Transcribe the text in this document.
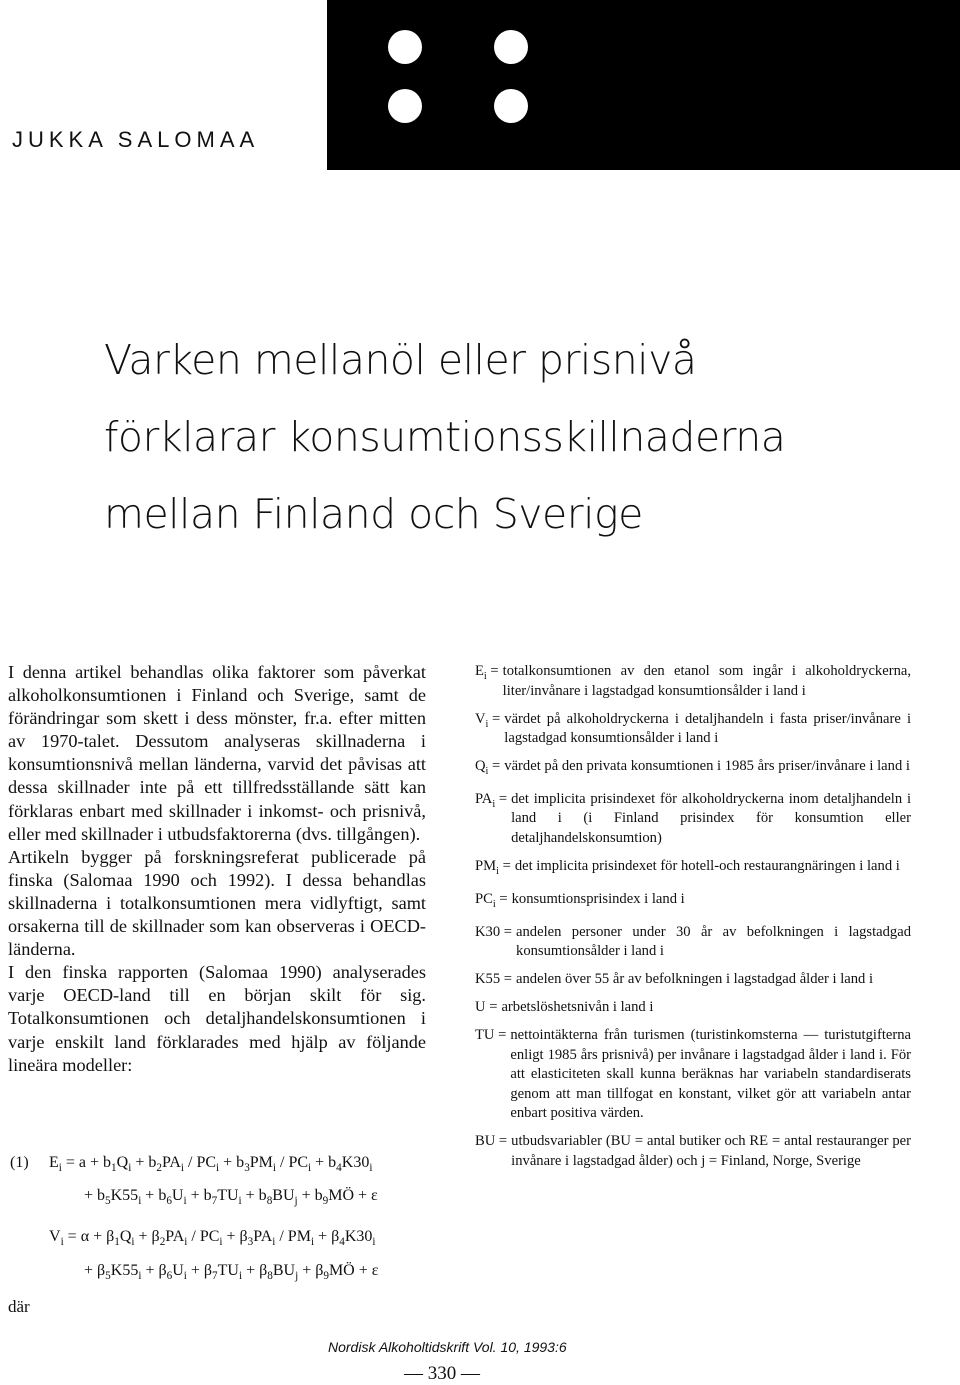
JUKKA SALOMAA
Varken mellanöl eller prisnivå
förklarar konsumtionsskillnaderna
mellan Finland och Sverige

I denna artikel behandlas olika faktorer som påverkat alkoholkonsumtionen i Finland och Sverige, samt de förändringar som skett i dess mönster, fr.a. efter mitten av 1970-talet. Dessutom analyseras skillnaderna i konsumtionsnivå mellan länderna, varvid det påvisas att dessa skillnader inte på ett tillfredsställande sätt kan förklaras enbart med skillnader i inkomst- och prisnivå, eller med skillnader i utbudsfaktorerna (dvs. tillgången).

Artikeln bygger på forskningsreferat publicerade på finska (Salomaa 1990 och 1992). I dessa behandlas skillnaderna i totalkonsumtionen mera vidlyftigt, samt orsakerna till de skillnader som kan observeras i OECD-länderna.

I den finska rapporten (Salomaa 1990) analyserades varje OECD-land till en början skilt för sig. Totalkonsumtionen och detaljhandelskonsumtionen i varje enskilt land förklarades med hjälp av följande lineära modeller:

(1) $E_i = a + b_1Q_i + b_2PA_i / PC_i + b_3PM_i / PC_i + b_4K30_i$
+ $b_5K55_i + b_6U_i + b_7TU_i + b_8BU_j$ + $b_9MÖ + \varepsilon$
$V_i = \alpha + \beta_1Q_i + \beta_2PA_i / PC_i + \beta_3PA_i / PM_i + \beta_4K30_i$
+ $\beta_5K55_i + \beta_6U_i + \beta_7TU_i + \beta_8BU_j$ + $\beta_9MÖ + \varepsilon$
där
$E_i$ = totalkonsumtionen av den etanol som ingår i alkoholdryckerna, liter/invånare i lagstadgad konsumtionsålder i land i
$V_i$ = värdet på alkoholdryckerna i detaljhandeln i fasta priser/invånare i lagstadgad konsumtionsålder i land i
$Q_i$ = värdet på den privata konsumtionen i 1985 års priser/invånare i land i
$PA_i = \det$ implicita prisindexet för alkoholdryckerna inom detaljhandeln i land i (i Finland prisindex för konsumtion eller detaljhandelskonsumtion)
$PM_i = \det$ implicita prisindexet för hotell-och restaurangnäringen i land i
$PC_i$ = konsumtionsprisindex i land i
K30 = andelen personer under 30 år av befolkningen i lagstadgad konsumtionsålder i land i
K55 = andelen över 55 år av befolkningen i lagstadgad ålder i land i
U = arbetslöshetsnivån i land i
TU = nettointäkterna från turismen (turistinkomsterna — turistutgifterna enligt 1985 års prisnivå) per invånare i lagstadgad ålder i land i. För att elasticiteten skall kunna beräknas har variabeln standardiserats genom att man tillfogat en konstant, vilket gör att variabeln antar enbart positiva värden.
BU = utbudsvariabler (BU = antal butiker och RE = antal restauranger per invånare i lagstadgad ålder) och j = Finland, Norge, Sverige
Nordisk Alkoholtidskrift Vol. 10, 1993:6
— 330 —
